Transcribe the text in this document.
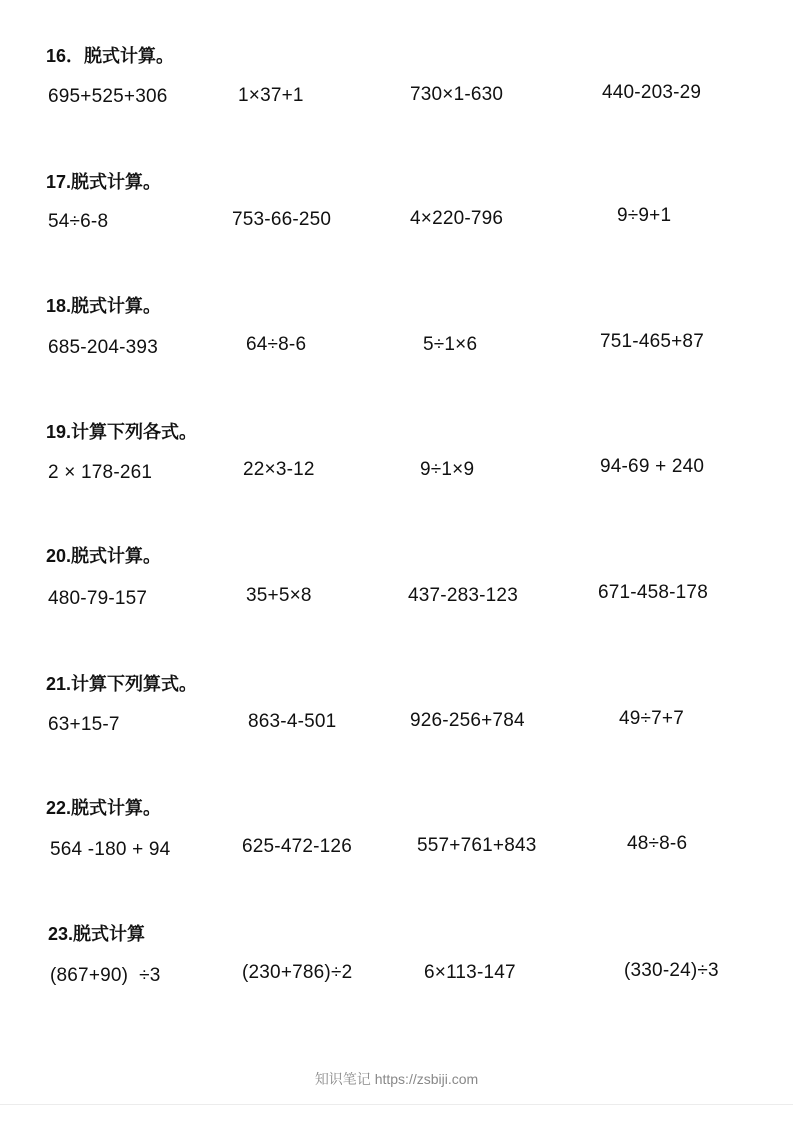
16．脱式计算。
695+525+306	1×37+1	730×1-630	440-203-29
17.脱式计算。
54÷6-8	753-66-250	4×220-796	9÷9+1
18.脱式计算。
685-204-393	64÷8-6	5÷1×6	751-465+87
19.计算下列各式。
2 × 178-261	22×3-12	9÷1×9	94-69 + 240
20.脱式计算。
480-79-157	35+5×8	437-283-123	671-458-178
21.计算下列算式。
63+15-7	863-4-501	926-256+784	49÷7+7
22.脱式计算。
564 -180 + 94	625-472-126	557+761+843	48÷8-6
23.脱式计算
(867+90)  ÷3	(230+786)÷2	6×113-147	(330-24)÷3
知识笔记 https://zsbiji.com
